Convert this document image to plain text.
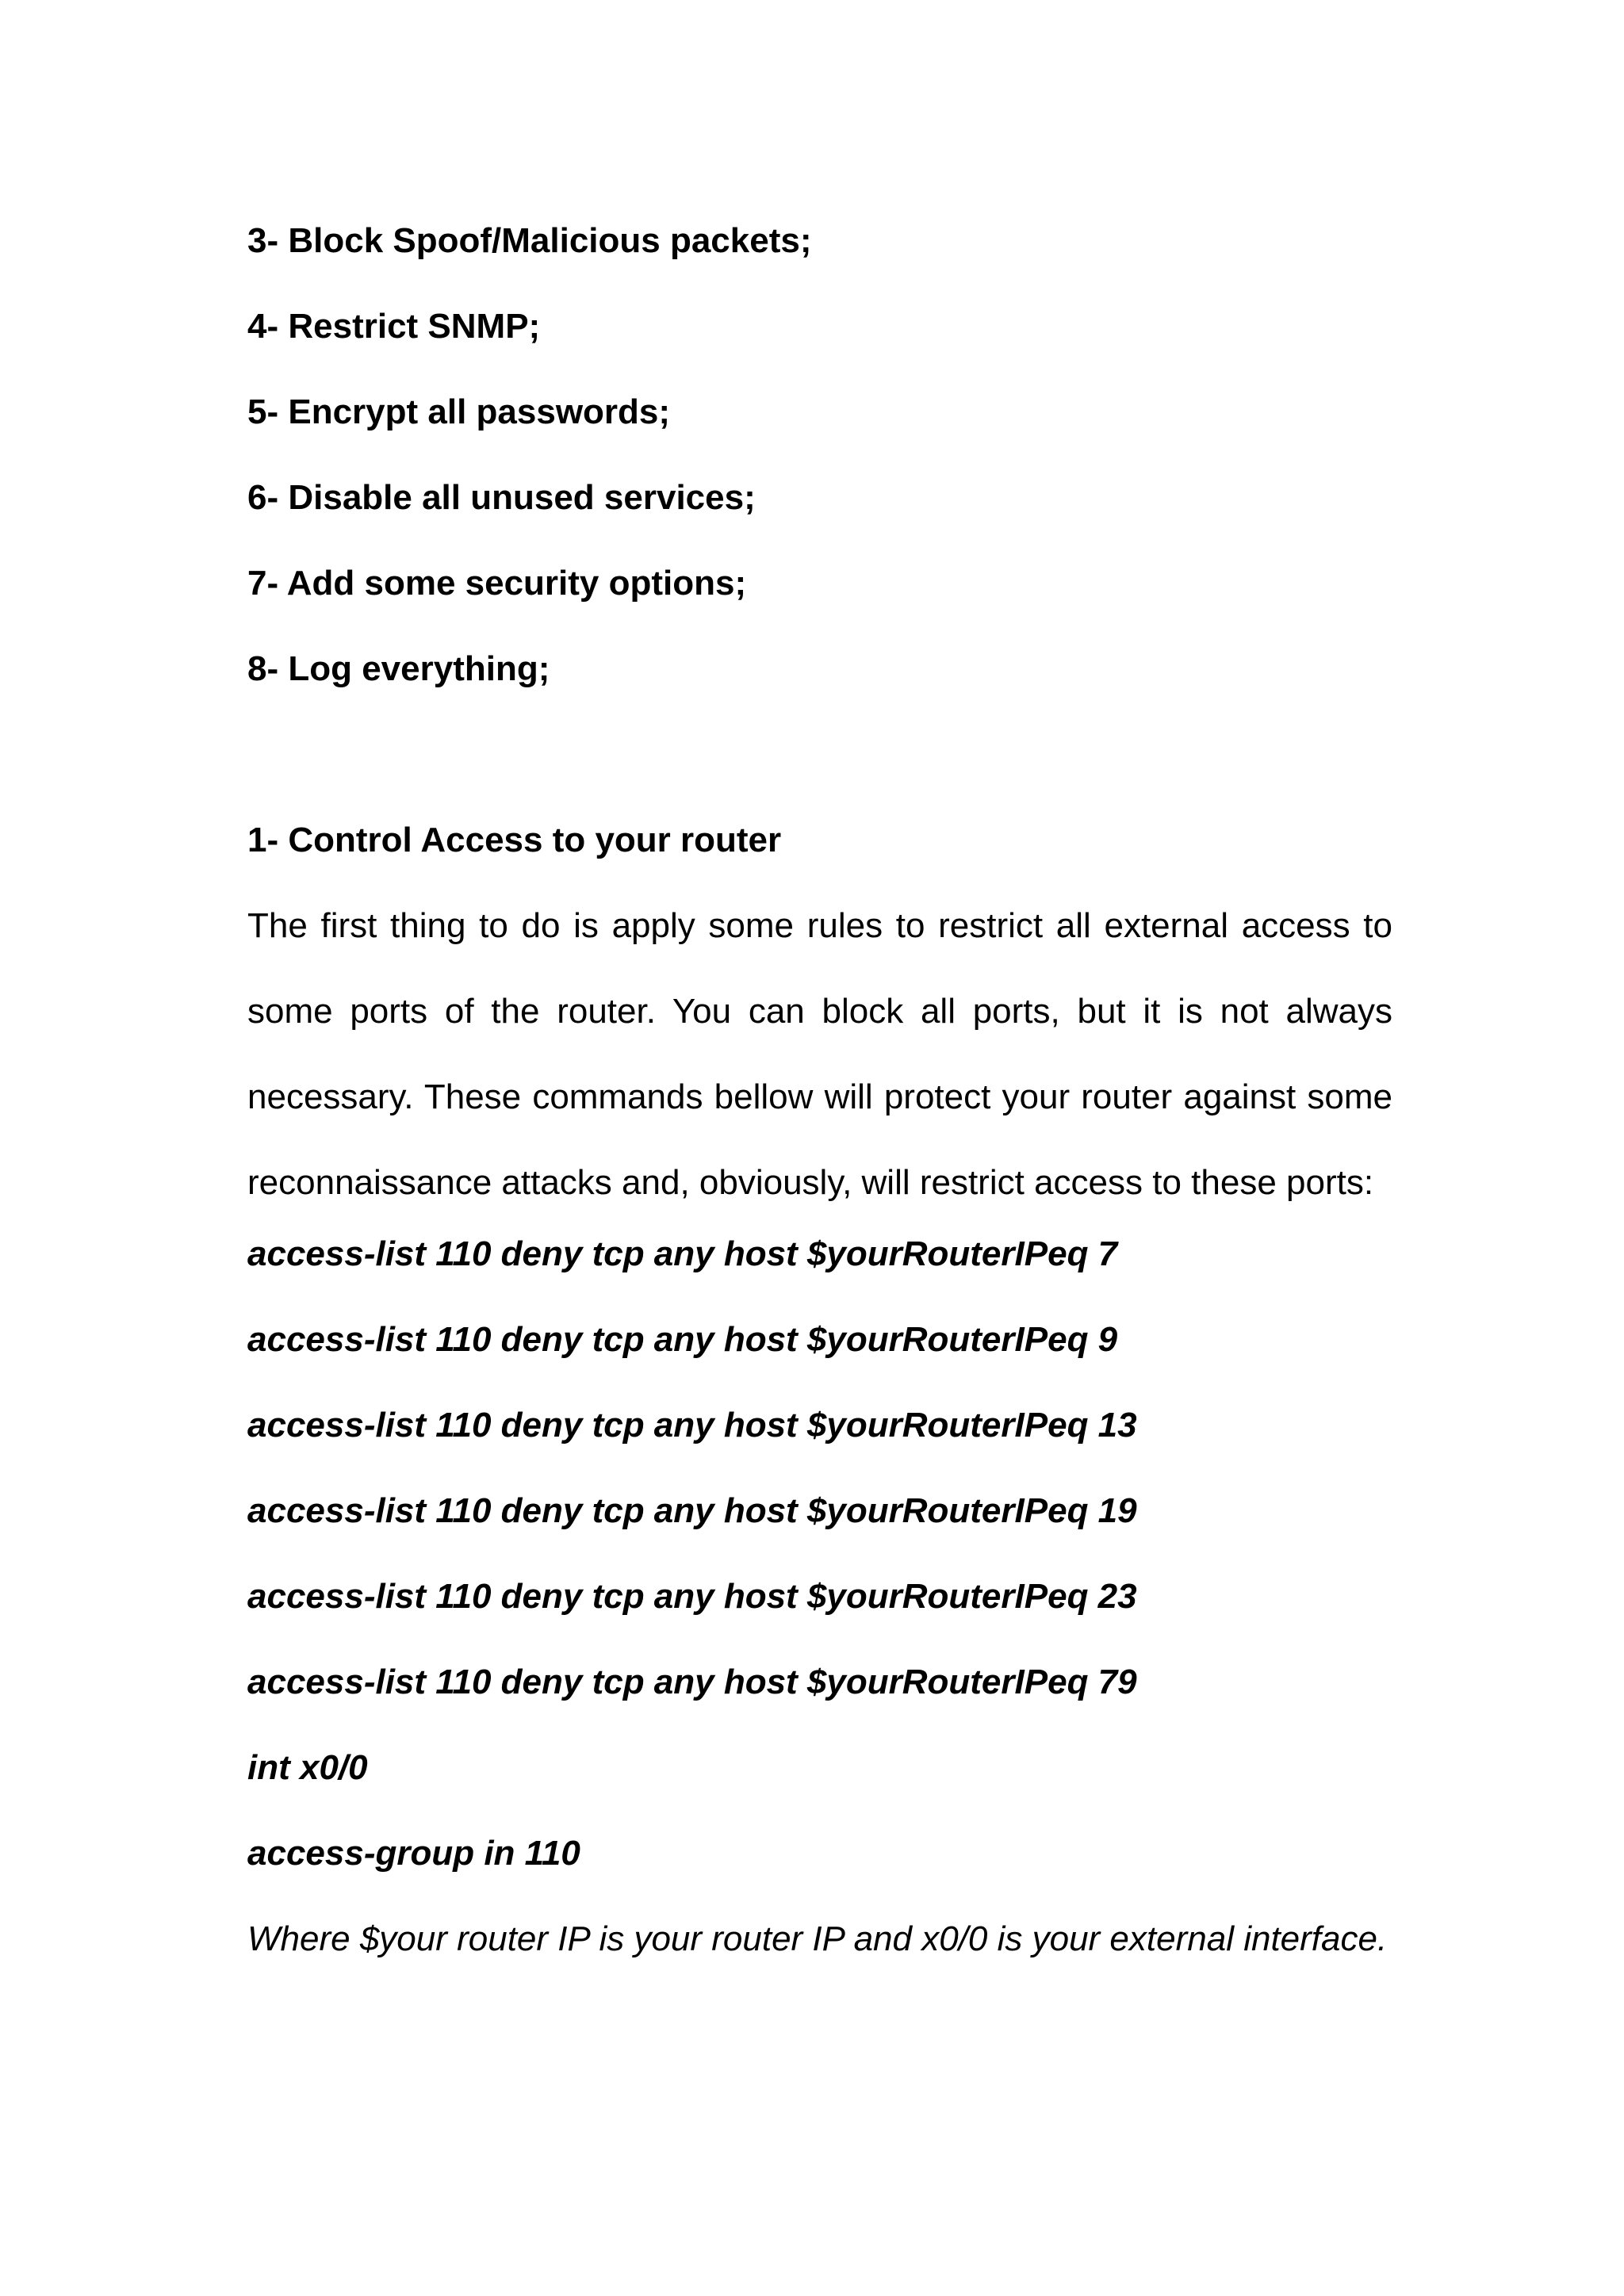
3- Block Spoof/Malicious packets;

4- Restrict SNMP;

5- Encrypt all passwords;

6- Disable all unused services;

7- Add some security options;

8- Log everything;

1- Control Access to your router

The first thing to do is apply some rules to restrict all external access to some ports of the router. You can block all ports, but it is not always necessary. These commands bellow will protect your router against some reconnaissance attacks and, obviously, will restrict access to these ports:

access-list 110 deny tcp any host $yourRouterIPeq 7

access-list 110 deny tcp any host $yourRouterIPeq 9

access-list 110 deny tcp any host $yourRouterIPeq 13

access-list 110 deny tcp any host $yourRouterIPeq 19

access-list 110 deny tcp any host $yourRouterIPeq 23

access-list 110 deny tcp any host $yourRouterIPeq 79

int x0/0

access-group in 110

Where $your router IP is your router IP and x0/0 is your external interface.
